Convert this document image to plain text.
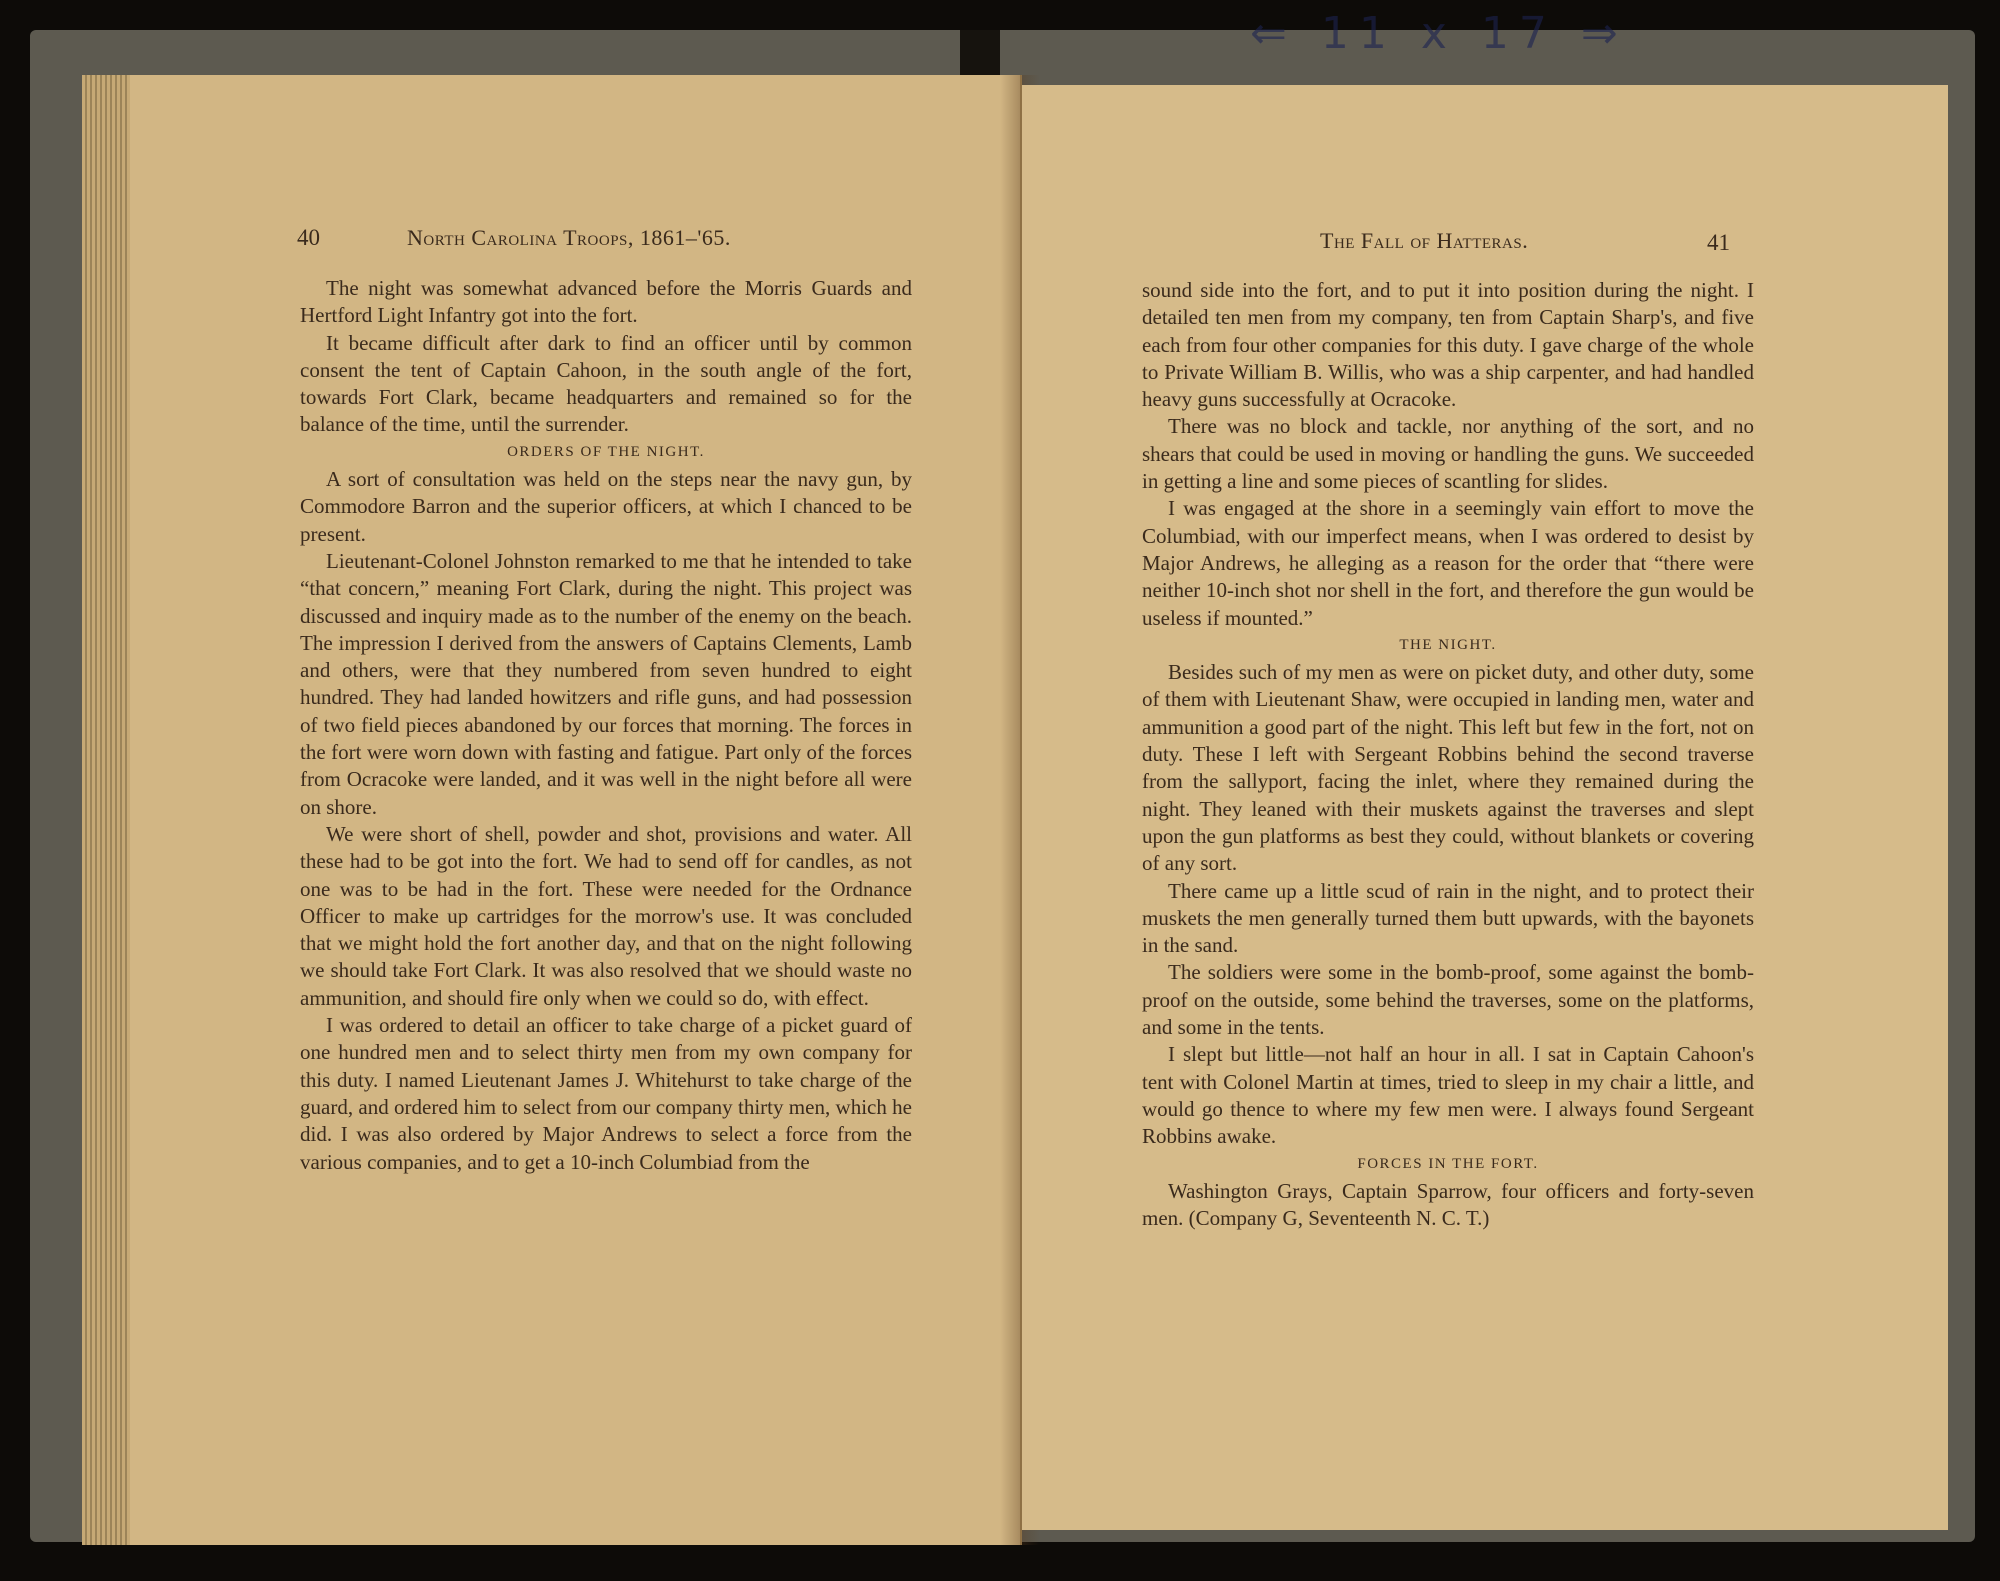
⇐ 11 x 17 ⇒
40	North Carolina Troops, 1861–'65.

The night was somewhat advanced before the Morris Guards and Hertford Light Infantry got into the fort.

It became difficult after dark to find an officer until by common consent the tent of Captain Cahoon, in the south angle of the fort, towards Fort Clark, became headquarters and remained so for the balance of the time, until the surrender.

ORDERS OF THE NIGHT.

A sort of consultation was held on the steps near the navy gun, by Commodore Barron and the superior officers, at which I chanced to be present.

Lieutenant-Colonel Johnston remarked to me that he intended to take “that concern,” meaning Fort Clark, during the night. This project was discussed and inquiry made as to the number of the enemy on the beach. The impression I derived from the answers of Captains Clements, Lamb and others, were that they numbered from seven hundred to eight hundred. They had landed howitzers and rifle guns, and had possession of two field pieces abandoned by our forces that morning. The forces in the fort were worn down with fasting and fatigue. Part only of the forces from Ocracoke were landed, and it was well in the night before all were on shore.

We were short of shell, powder and shot, provisions and water. All these had to be got into the fort. We had to send off for candles, as not one was to be had in the fort. These were needed for the Ordnance Officer to make up cartridges for the morrow's use. It was concluded that we might hold the fort another day, and that on the night following we should take Fort Clark. It was also resolved that we should waste no ammunition, and should fire only when we could so do, with effect.

I was ordered to detail an officer to take charge of a picket guard of one hundred men and to select thirty men from my own company for this duty. I named Lieutenant James J. Whitehurst to take charge of the guard, and ordered him to select from our company thirty men, which he did. I was also ordered by Major Andrews to select a force from the various companies, and to get a 10-inch Columbiad from the

The Fall of Hatteras.	41

sound side into the fort, and to put it into position during the night. I detailed ten men from my company, ten from Captain Sharp's, and five each from four other companies for this duty. I gave charge of the whole to Private William B. Willis, who was a ship carpenter, and had handled heavy guns successfully at Ocracoke.

There was no block and tackle, nor anything of the sort, and no shears that could be used in moving or handling the guns. We succeeded in getting a line and some pieces of scantling for slides.

I was engaged at the shore in a seemingly vain effort to move the Columbiad, with our imperfect means, when I was ordered to desist by Major Andrews, he alleging as a reason for the order that “there were neither 10-inch shot nor shell in the fort, and therefore the gun would be useless if mounted.”

THE NIGHT.

Besides such of my men as were on picket duty, and other duty, some of them with Lieutenant Shaw, were occupied in landing men, water and ammunition a good part of the night. This left but few in the fort, not on duty. These I left with Sergeant Robbins behind the second traverse from the sallyport, facing the inlet, where they remained during the night. They leaned with their muskets against the traverses and slept upon the gun platforms as best they could, without blankets or covering of any sort.

There came up a little scud of rain in the night, and to protect their muskets the men generally turned them butt upwards, with the bayonets in the sand.

The soldiers were some in the bomb-proof, some against the bomb-proof on the outside, some behind the traverses, some on the platforms, and some in the tents.

I slept but little—not half an hour in all. I sat in Captain Cahoon's tent with Colonel Martin at times, tried to sleep in my chair a little, and would go thence to where my few men were. I always found Sergeant Robbins awake.

FORCES IN THE FORT.

Washington Grays, Captain Sparrow, four officers and forty-seven men. (Company G, Seventeenth N. C. T.)
